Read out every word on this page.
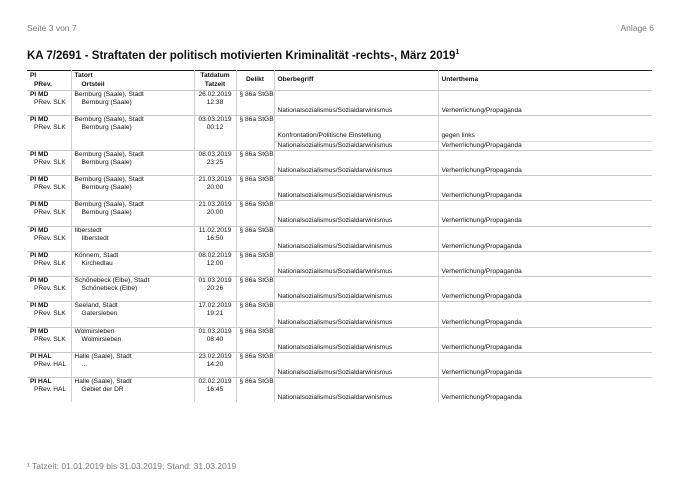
Seite 3 von 7	Anlage 6
KA 7/2691 - Straftaten der politisch motivierten Kriminalität -rechts-, März 2019$^1$
PI	Tatort	Tatdatum	Delikt	Oberbegriff	Unterthema
PRev.	Ortsteil	Tatzeit			
PI MD	Bernburg (Saale), Stadt	26.02.2019	§ 86a StGB		
PRev. SLK	Bernburg (Saale)	12:38			
				Nationalsozialismus/Sozialdarwinismus	Verherrlichung/Propaganda
PI MD	Bernburg (Saale), Stadt	03.03.2019	§ 86a StGB		
PRev. SLK	Bernburg (Saale)	00:12			
				Konfrontation/Politische Einstellung	gegen links
				Nationalsozialismus/Sozialdarwinismus	Verherrlichung/Propaganda
PI MD	Bernburg (Saale), Stadt	08.03.2019	§ 86a StGB		
PRev. SLK	Bernburg (Saale)	23:25			
				Nationalsozialismus/Sozialdarwinismus	Verherrlichung/Propaganda
PI MD	Bernburg (Saale), Stadt	21.03.2019	§ 86a StGB		
PRev. SLK	Bernburg (Saale)	20:00			
				Nationalsozialismus/Sozialdarwinismus	Verherrlichung/Propaganda
PI MD	Bernburg (Saale), Stadt	21.03.2019	§ 86a StGB		
PRev. SLK	Bernburg (Saale)	20:00			
				Nationalsozialismus/Sozialdarwinismus	Verherrlichung/Propaganda
PI MD	Ilberstedt	11.02.2019	§ 86a StGB		
PRev. SLK	Ilberstedt	16:50			
				Nationalsozialismus/Sozialdarwinismus	Verherrlichung/Propaganda
PI MD	Könnern, Stadt	08.02.2019	§ 86a StGB		
PRev. SLK	Kirchedlau	12:00			
				Nationalsozialismus/Sozialdarwinismus	Verherrlichung/Propaganda
PI MD	Schönebeck (Elbe), Stadt	01.03.2019	§ 86a StGB		
PRev. SLK	Schönebeck (Elbe)	20:26			
				Nationalsozialismus/Sozialdarwinismus	Verherrlichung/Propaganda
PI MD	Seeland, Stadt	17.02.2019	§ 86a StGB		
PRev. SLK	Gatersleben	19:21			
				Nationalsozialismus/Sozialdarwinismus	Verherrlichung/Propaganda
PI MD	Wolmirsleben	01.03.2019	§ 86a StGB		
PRev. SLK	Wolmirsleben	08:40			
				Nationalsozialismus/Sozialdarwinismus	Verherrlichung/Propaganda
PI HAL	Halle (Saale), Stadt	23.02.2019	§ 86a StGB		
PRev. HAL	...	14:20			
				Nationalsozialismus/Sozialdarwinismus	Verherrlichung/Propaganda
PI HAL	Halle (Saale), Stadt	02.02.2019	§ 86a StGB		
PRev. HAL	Gebiet der DR	16:45			
				Nationalsozialismus/Sozialdarwinismus	Verherrlichung/Propaganda
¹ Tatzeit: 01.01.2019 bis 31.03.2019; Stand: 31.03.2019
